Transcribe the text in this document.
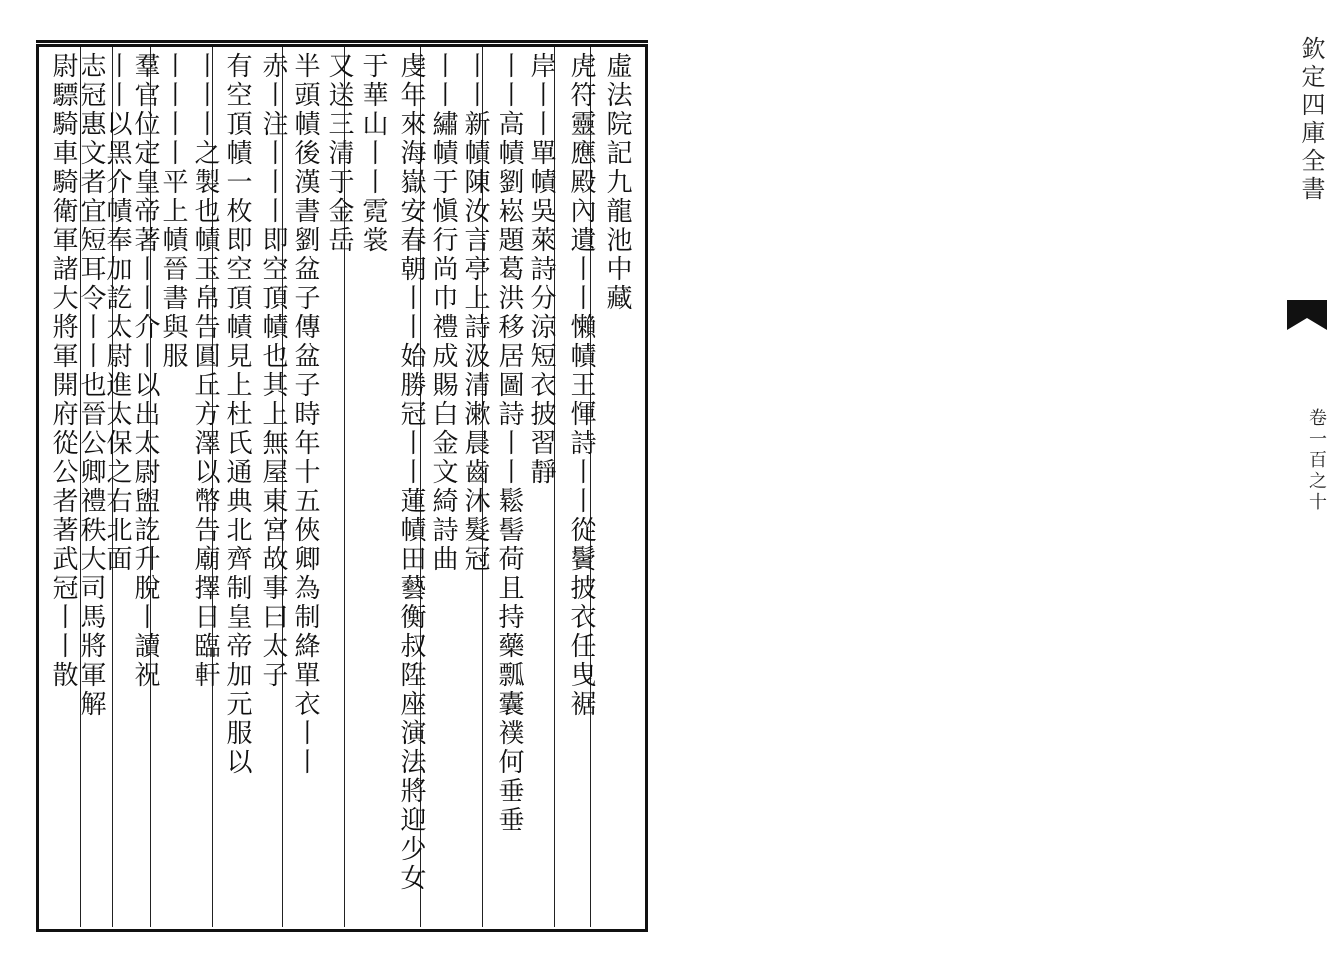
欽定四庫全書
卷一百之十
虛法院記九龍池中藏
虎符靈應殿內遺丨丨懶幘王惲詩丨丨從鬢披衣任曳裾
岸丨丨單幘吳萊詩分涼短衣披習靜
丨丨高幘劉崧題葛洪移居圖詩丨丨鬆髻荷且持藥瓢囊襆何垂垂
丨丨新幘陳汝言亭上詩汲清漱晨齒沐髮冠
丨丨繡幘于愼行尚巾禮成賜白金文綺詩曲
虔年來海嶽安春朝丨丨始勝冠丨丨蓮幘田藝衡叔陞座演法將迎少女
于華山丨丨霓裳
又送三清于金岳
半頭幘後漢書劉盆子傳盆子時年十五俠卿為制絳單衣丨丨
赤丨注丨丨丨即空頂幘也其上無屋東宮故事曰太子
有空頂幘一枚即空頂幘見上杜氏通典北齊制皇帝加元服以
丨丨丨之製也幘玉帛告圓丘方澤以幣告廟擇日臨軒
丨丨丨丨平上幘晉書與服
羣官位定皇帝著丨丨介丨以出太尉盥訖升脫丨讀祝
丨丨以黑介幘奉加訖太尉進太保之右北面
志冠惠文者宜短耳令丨丨也晉公卿禮秩大司馬將軍解
尉驃騎車騎衛軍諸大將軍開府從公者著武冠丨丨散
